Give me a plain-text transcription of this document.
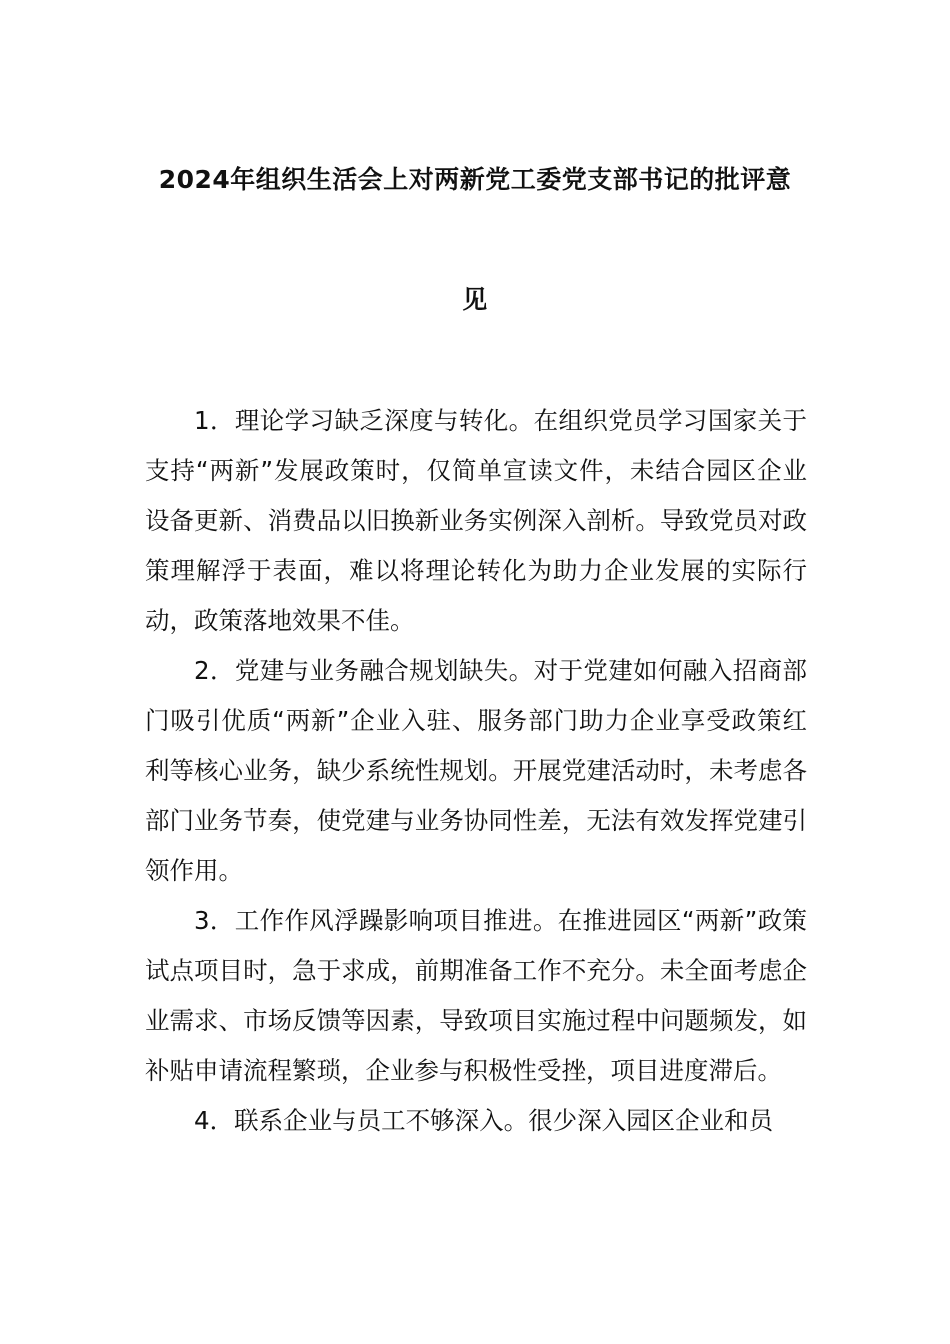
2024年组织生活会上对两新党工委党支部书记的批评意
见

1．理论学习缺乏深度与转化。在组织党员学习国家关于支持“两新”发展政策时，仅简单宣读文件，未结合园区企业设备更新、消费品以旧换新业务实例深入剖析。导致党员对政策理解浮于表面，难以将理论转化为助力企业发展的实际行动，政策落地效果不佳。

2．党建与业务融合规划缺失。对于党建如何融入招商部门吸引优质“两新”企业入驻、服务部门助力企业享受政策红利等核心业务，缺少系统性规划。开展党建活动时，未考虑各部门业务节奏，使党建与业务协同性差，无法有效发挥党建引领作用。

3．工作作风浮躁影响项目推进。在推进园区“两新”政策试点项目时，急于求成，前期准备工作不充分。未全面考虑企业需求、市场反馈等因素，导致项目实施过程中问题频发，如补贴申请流程繁琐，企业参与积极性受挫，项目进度滞后。

4．联系企业与员工不够深入。很少深入园区企业和员
